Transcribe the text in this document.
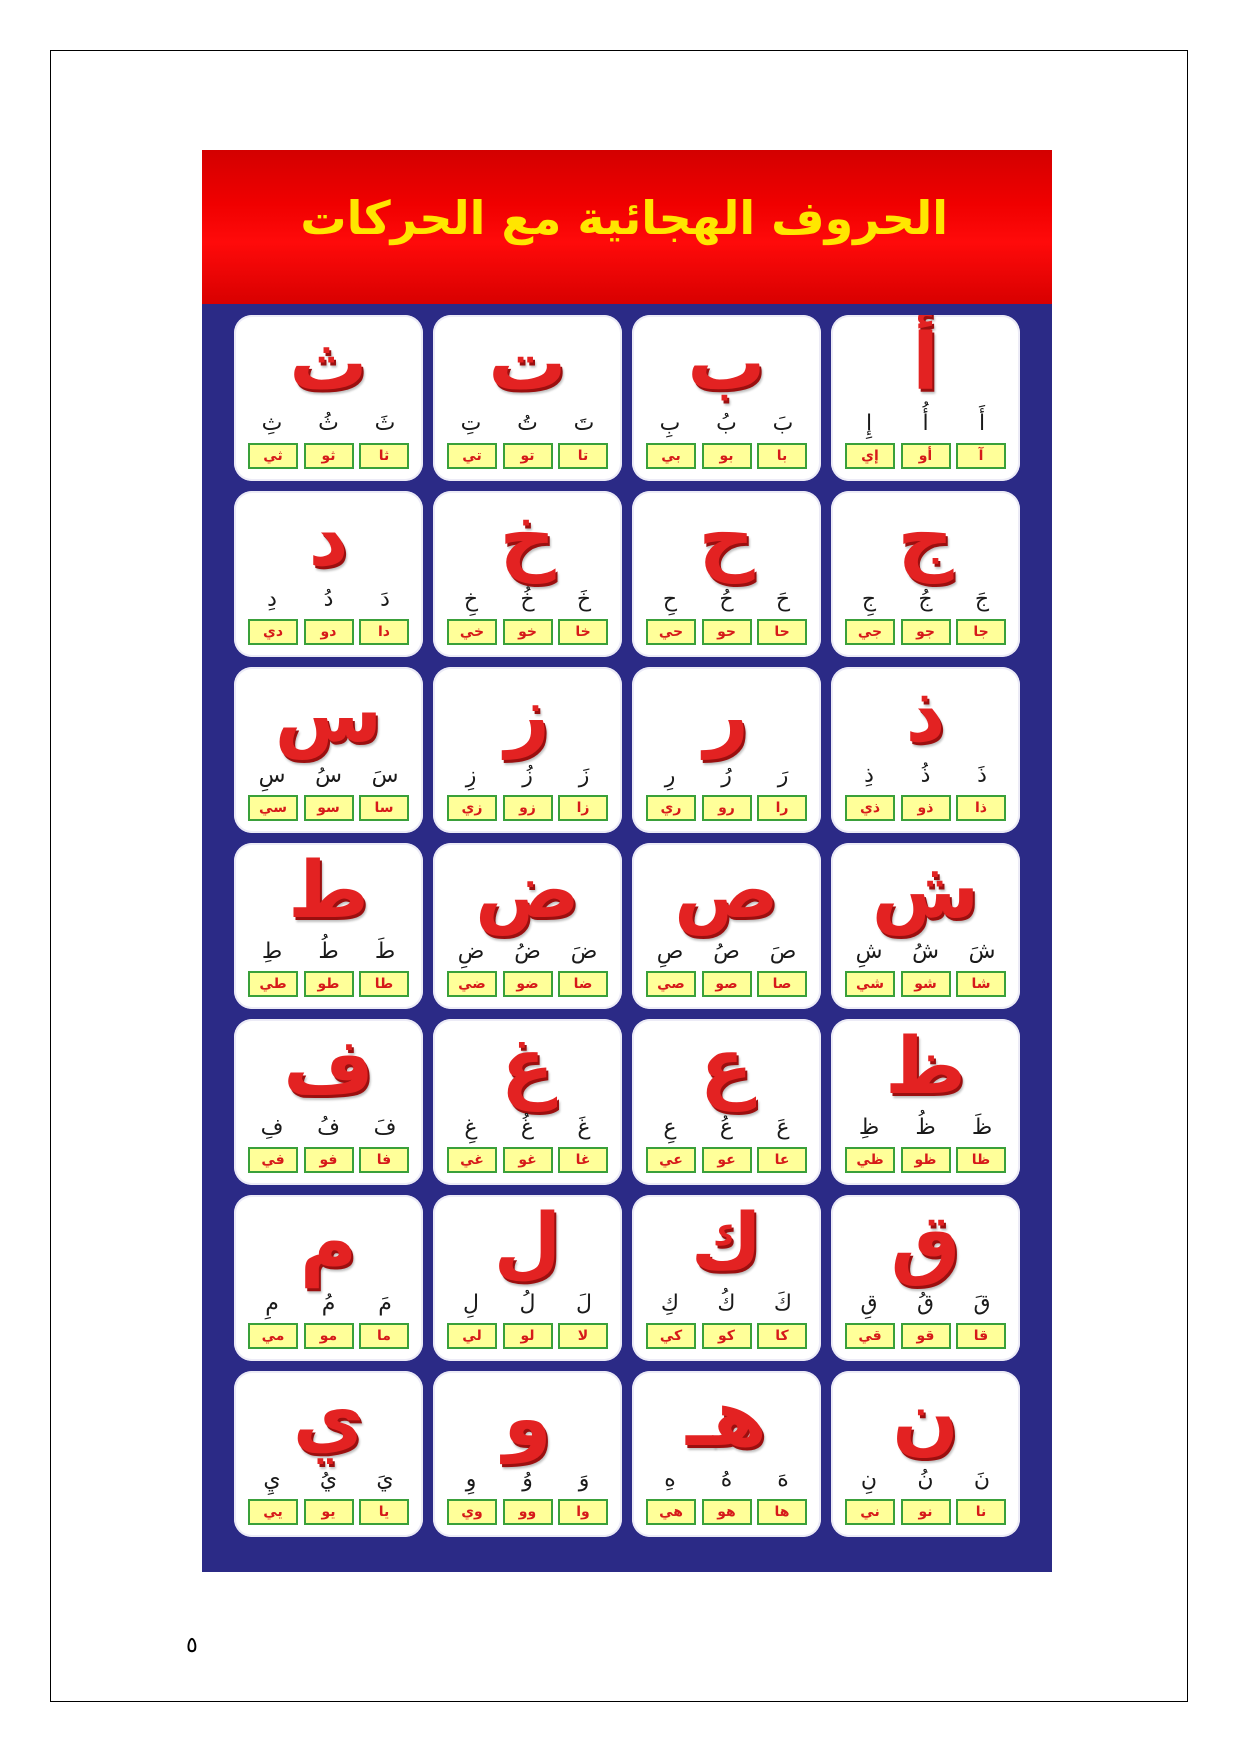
الحروف الهجائية مع الحركات
أ
أَ
أُ
إِ
آ
أو
إي
ب
بَ
بُ
بِ
با
بو
بي
ت
تَ
تُ
تِ
تا
تو
تي
ث
ثَ
ثُ
ثِ
ثا
ثو
ثي
ج
جَ
جُ
جِ
جا
جو
جي
ح
حَ
حُ
حِ
حا
حو
حي
خ
خَ
خُ
خِ
خا
خو
خي
د
دَ
دُ
دِ
دا
دو
دي
ذ
ذَ
ذُ
ذِ
ذا
ذو
ذي
ر
رَ
رُ
رِ
را
رو
ري
ز
زَ
زُ
زِ
زا
زو
زي
س
سَ
سُ
سِ
سا
سو
سي
ش
شَ
شُ
شِ
شا
شو
شي
ص
صَ
صُ
صِ
صا
صو
صي
ض
ضَ
ضُ
ضِ
ضا
ضو
ضي
ط
طَ
طُ
طِ
طا
طو
طي
ظ
ظَ
ظُ
ظِ
ظا
ظو
ظي
ع
عَ
عُ
عِ
عا
عو
عي
غ
غَ
غُ
غِ
غا
غو
غي
ف
فَ
فُ
فِ
فا
فو
في
ق
قَ
قُ
قِ
قا
قو
قي
ك
كَ
كُ
كِ
كا
كو
كي
ل
لَ
لُ
لِ
لا
لو
لي
م
مَ
مُ
مِ
ما
مو
مي
ن
نَ
نُ
نِ
نا
نو
ني
هـ
هَ
هُ
هِ
ها
هو
هي
و
وَ
وُ
وِ
وا
وو
وي
ي
يَ
يُ
يِ
يا
يو
يي
٥
